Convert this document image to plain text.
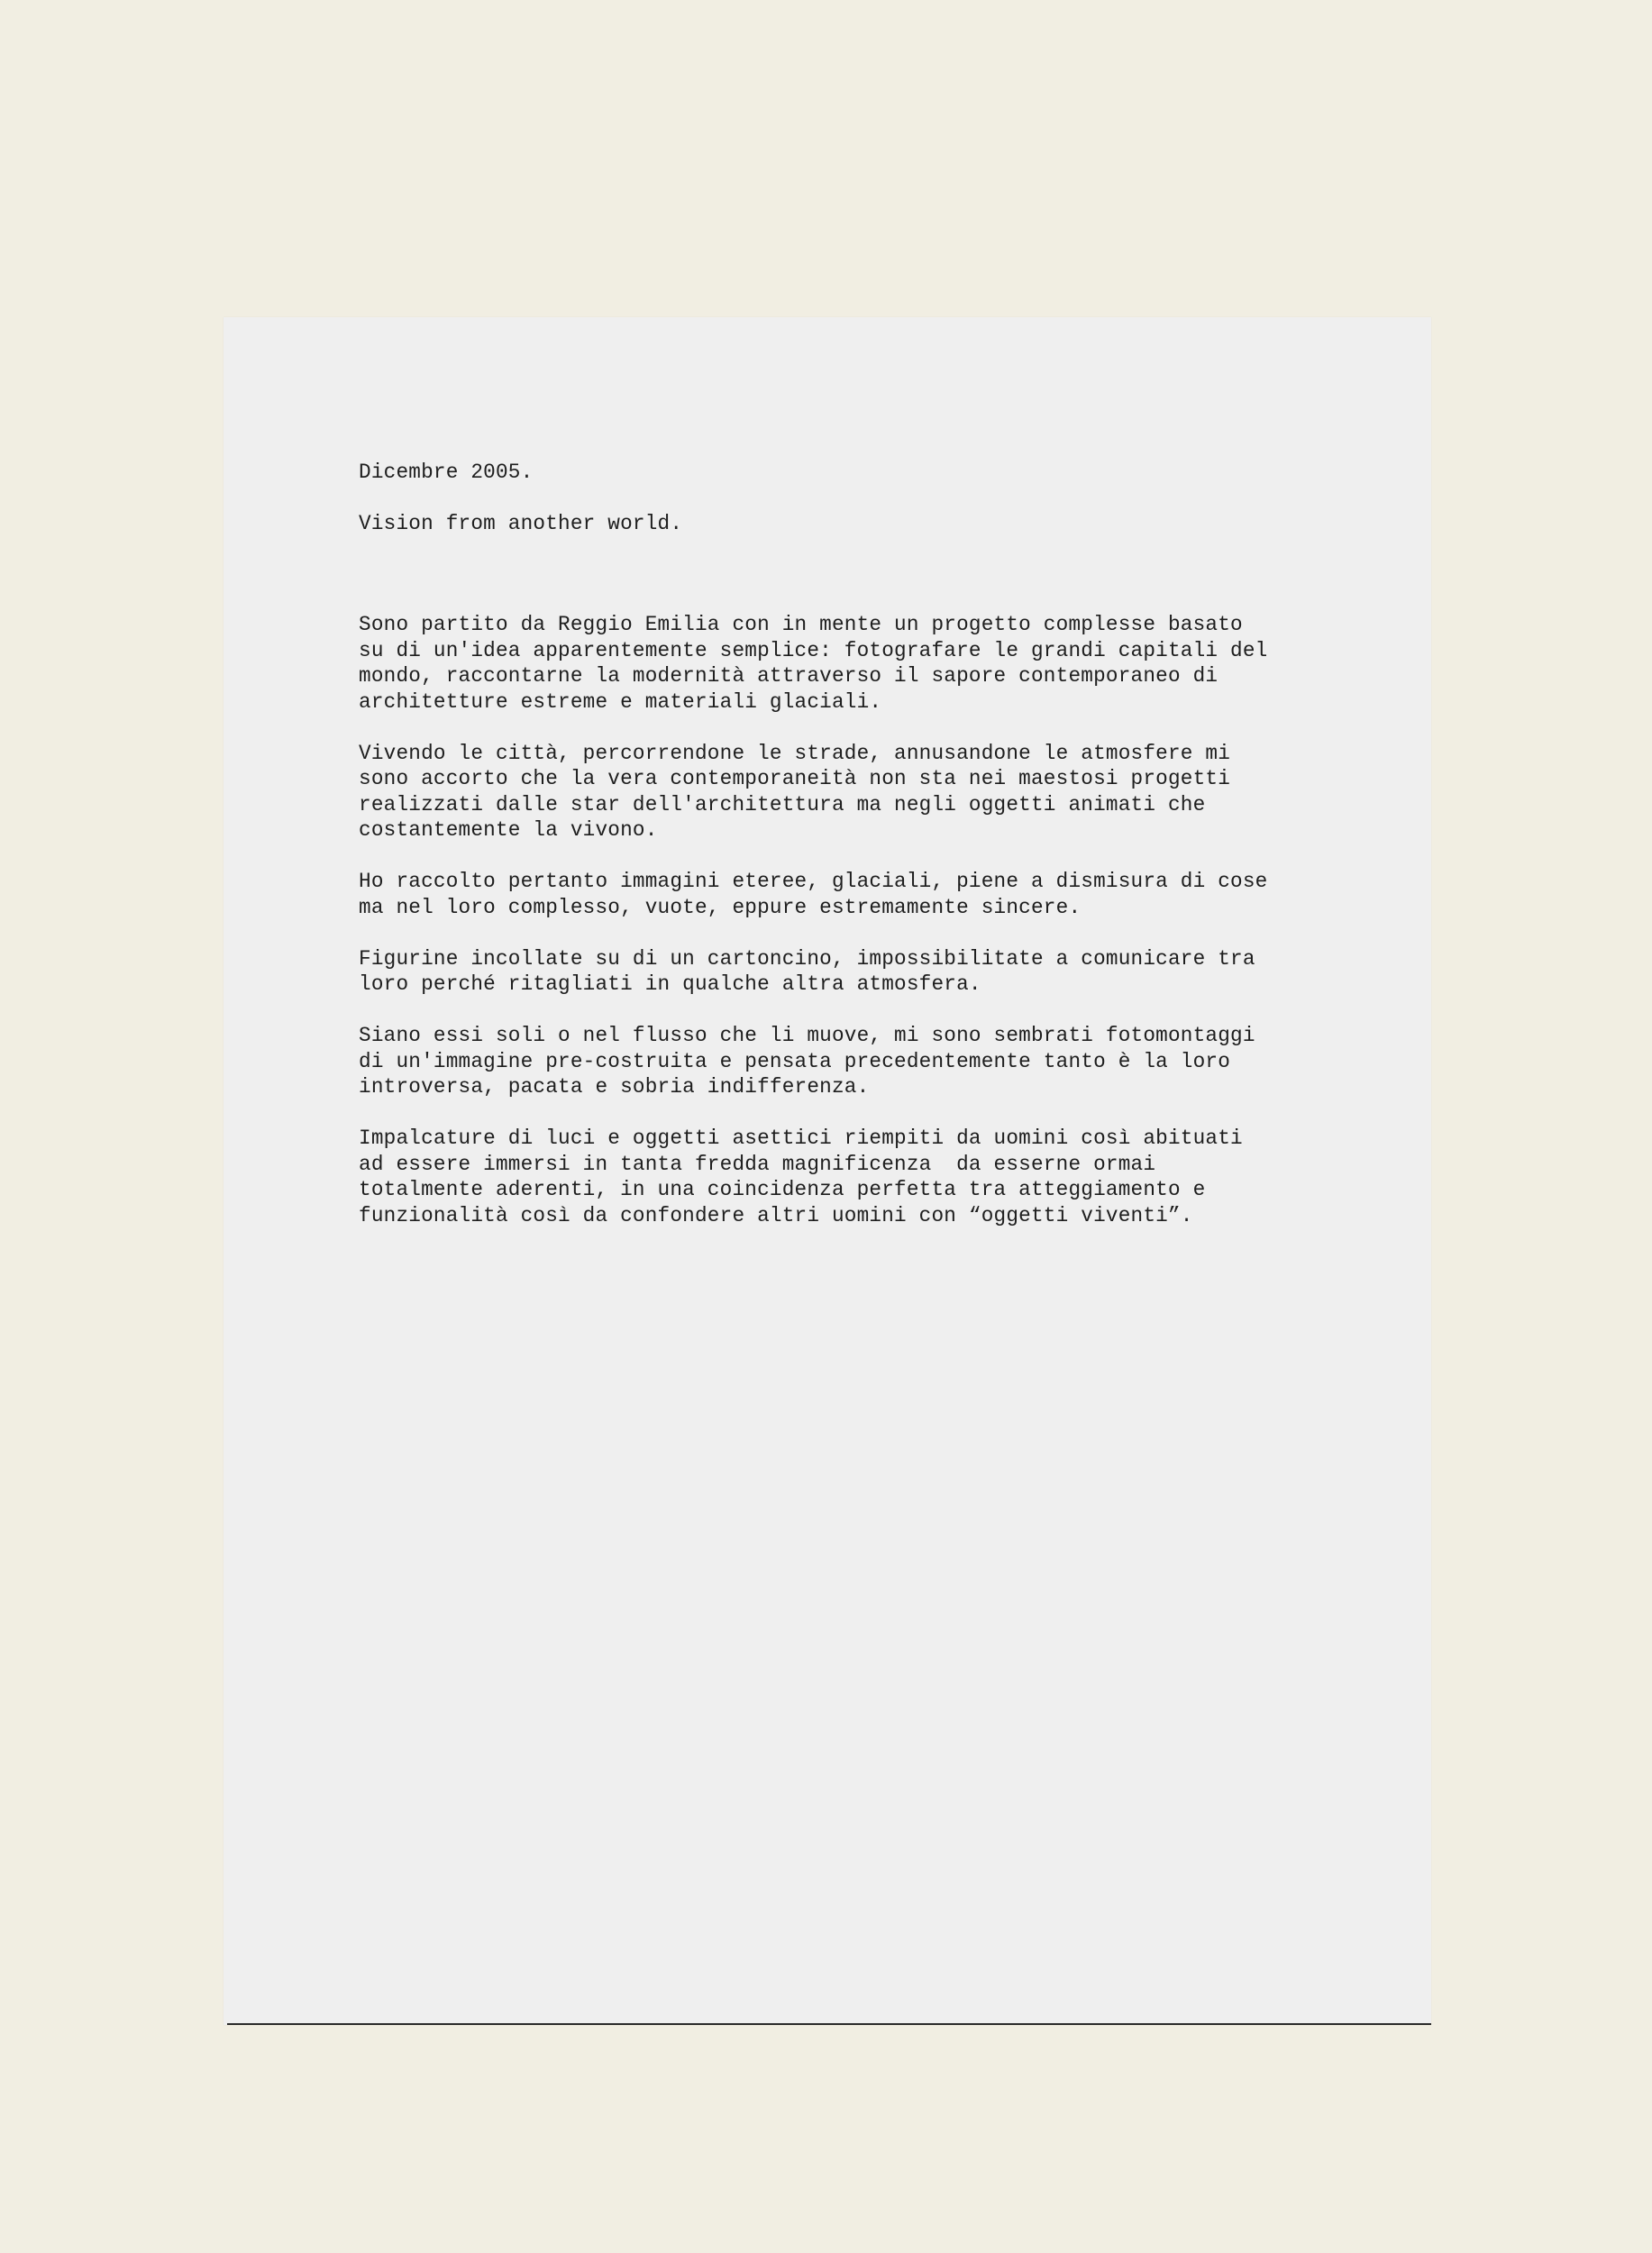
Dicembre 2005.
Vision from another world.
Sono partito da Reggio Emilia con in mente un progetto complesse basato
su di un'idea apparentemente semplice: fotografare le grandi capitali del
mondo, raccontarne la modernità attraverso il sapore contemporaneo di
architetture estreme e materiali glaciali.
Vivendo le città, percorrendone le strade, annusandone le atmosfere mi
sono accorto che la vera contemporaneità non sta nei maestosi progetti
realizzati dalle star dell'architettura ma negli oggetti animati che
costantemente la vivono.
Ho raccolto pertanto immagini eteree, glaciali, piene a dismisura di cose
ma nel loro complesso, vuote, eppure estremamente sincere.
Figurine incollate su di un cartoncino, impossibilitate a comunicare tra
loro perché ritagliati in qualche altra atmosfera.
Siano essi soli o nel flusso che li muove, mi sono sembrati fotomontaggi
di un'immagine pre-costruita e pensata precedentemente tanto è la loro
introversa, pacata e sobria indifferenza.
Impalcature di luci e oggetti asettici riempiti da uomini così abituati
ad essere immersi in tanta fredda magnificenza  da esserne ormai
totalmente aderenti, in una coincidenza perfetta tra atteggiamento e
funzionalità così da confondere altri uomini con “oggetti viventi”.
